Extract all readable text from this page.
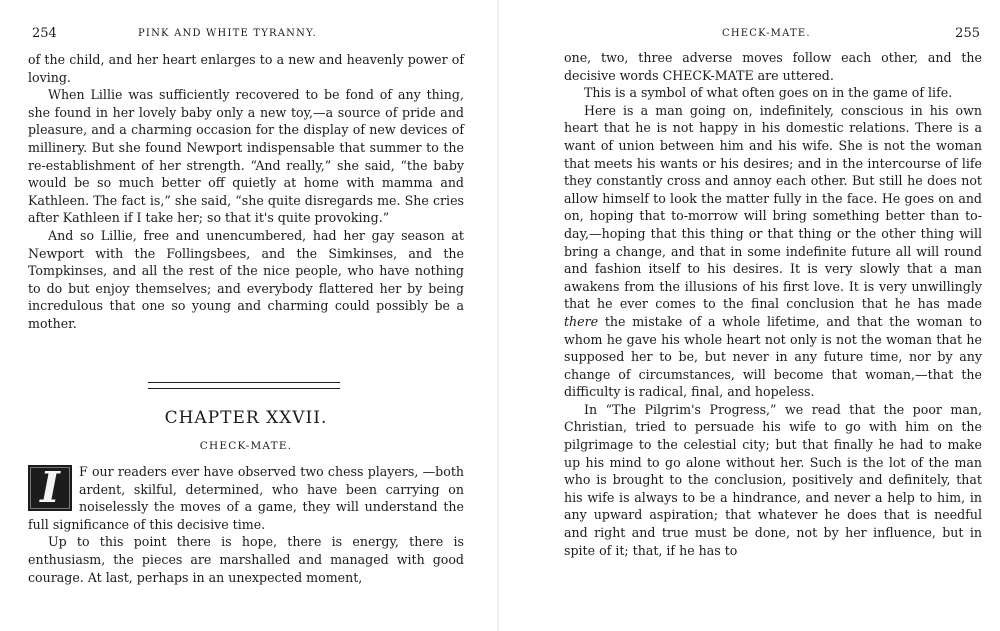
254	PINK AND WHITE TYRANNY.

of the child, and her heart enlarges to a new and heavenly power of loving.

When Lillie was sufficiently recovered to be fond of any thing, she found in her lovely baby only a new toy,—a source of pride and pleasure, and a charming occasion for the display of new devices of millinery. But she found Newport indispensable that summer to the re-establishment of her strength. “And really,” she said, “the baby would be so much better off quietly at home with mamma and Kathleen. The fact is,” she said, “she quite disregards me. She cries after Kathleen if I take her; so that it's quite provoking.”

And so Lillie, free and unencumbered, had her gay season at Newport with the Follingsbees, and the Simkinses, and the Tompkinses, and all the rest of the nice people, who have nothing to do but enjoy themselves; and everybody flattered her by being incredulous that one so young and charming could possibly be a mother.

CHAPTER XXVII.
CHECK-MATE.

I	F our readers ever have observed two chess players, —both ardent, skilful, determined, who have been carrying on noiselessly the moves of a game, they will understand the full significance of this decisive time.

Up to this point there is hope, there is energy, there is enthusiasm, the pieces are marshalled and managed with good courage. At last, perhaps in an unexpected moment,

CHECK-MATE.	255

one, two, three adverse moves follow each other, and the decisive words CHECK-MATE are uttered.

This is a symbol of what often goes on in the game of life.

Here is a man going on, indefinitely, conscious in his own heart that he is not happy in his domestic relations. There is a want of union between him and his wife. She is not the woman that meets his wants or his desires; and in the intercourse of life they constantly cross and annoy each other. But still he does not allow himself to look the matter fully in the face. He goes on and on, hoping that to-morrow will bring something better than to-day,—hoping that this thing or that thing or the other thing will bring a change, and that in some indefinite future all will round and fashion itself to his desires. It is very slowly that a man awakens from the illusions of his first love. It is very unwillingly that he ever comes to the final conclusion that he has made there the mistake of a whole lifetime, and that the woman to whom he gave his whole heart not only is not the woman that he supposed her to be, but never in any future time, nor by any change of circumstances, will become that woman,—that the difficulty is radical, final, and hopeless.

In “The Pilgrim's Progress,” we read that the poor man, Christian, tried to persuade his wife to go with him on the pilgrimage to the celestial city; but that finally he had to make up his mind to go alone without her. Such is the lot of the man who is brought to the conclusion, positively and definitely, that his wife is always to be a hindrance, and never a help to him, in any upward aspiration; that whatever he does that is needful and right and true must be done, not by her influence, but in spite of it; that, if he has to
